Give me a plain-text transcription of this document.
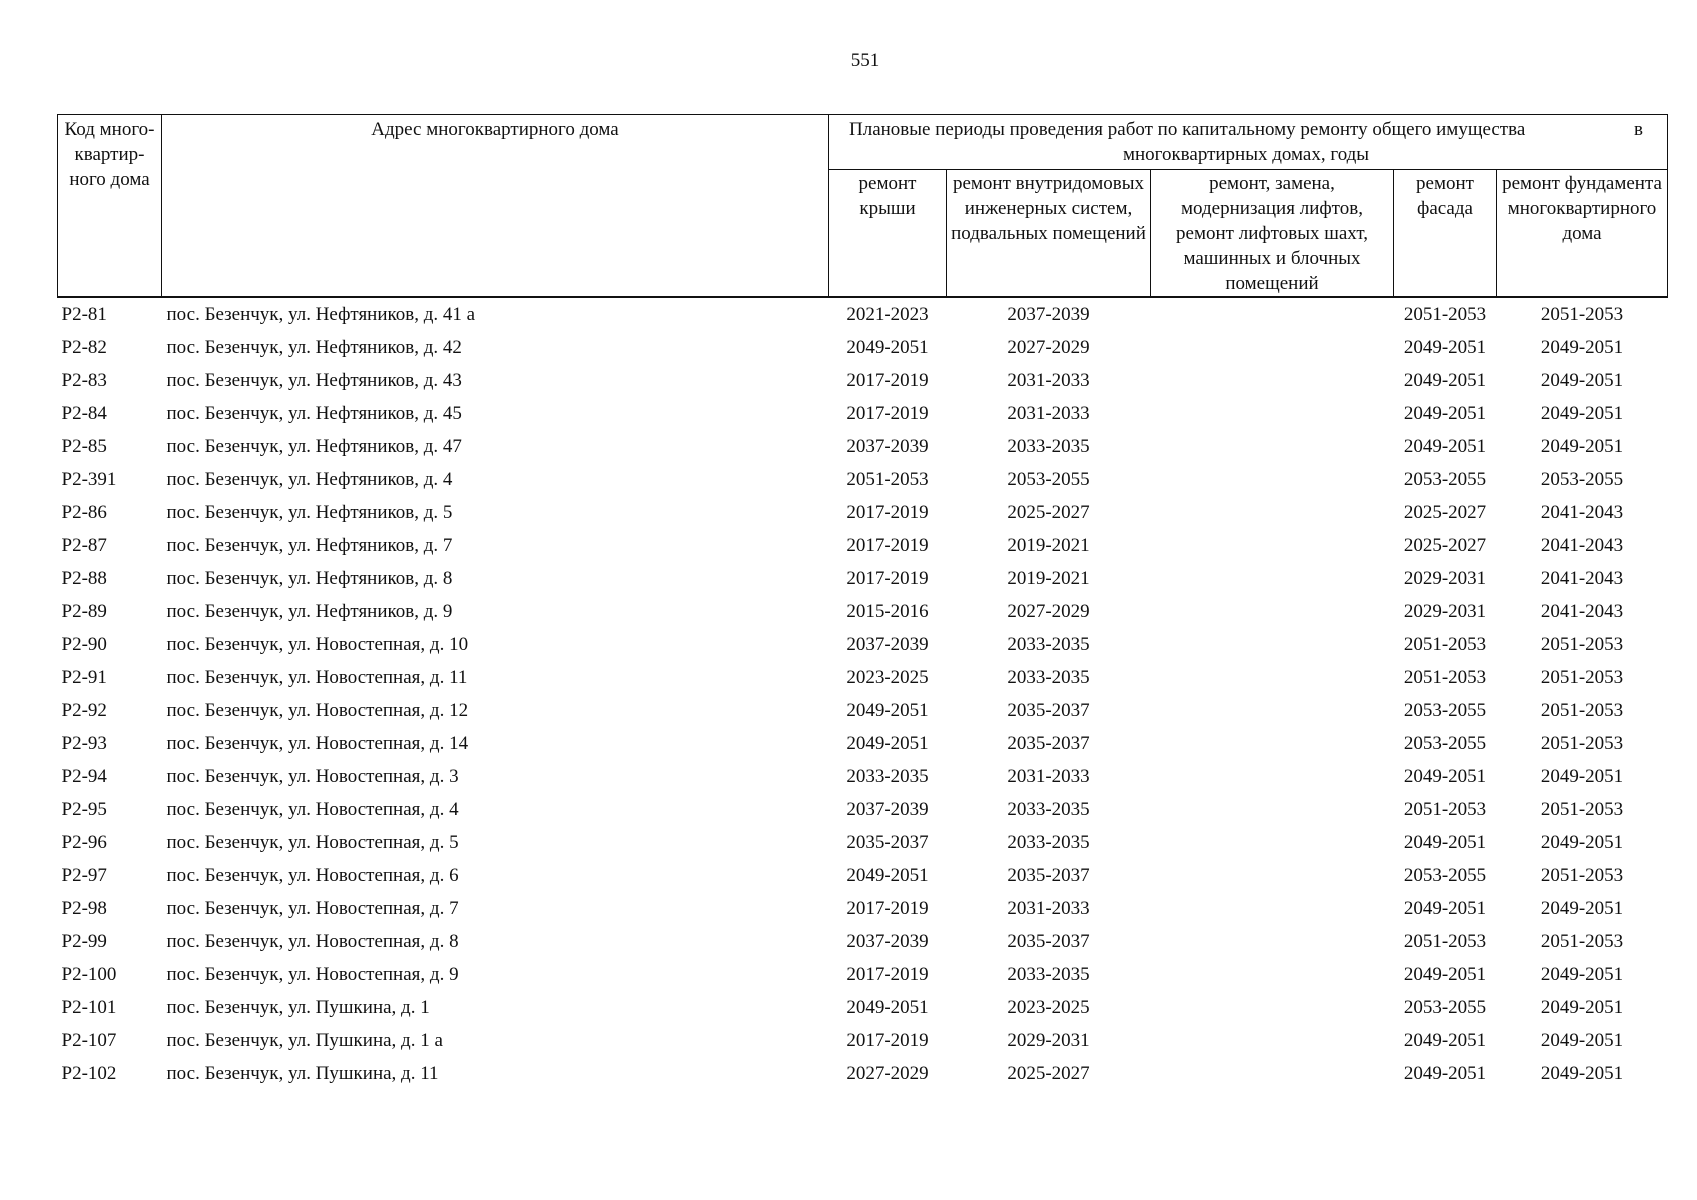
551
Код много-квартир-ного дома	Адрес многоквартирного дома	Плановые периоды проведения работ по капитальному ремонту общего имущества в
многоквартирных домах, годы				

		ремонт крыши	ремонт внутридомовых инженерных систем, подвальных помещений	ремонт, замена, модернизация лифтов, ремонт лифтовых шахт, машинных и блочных помещений	ремонт фасада	ремонт фундамента многоквартирного дома
Р2-81	пос. Безенчук, ул. Нефтяников, д. 41 а	2021-2023	2037-2039		2051-2053	2051-2053
Р2-82	пос. Безенчук, ул. Нефтяников, д. 42	2049-2051	2027-2029		2049-2051	2049-2051
Р2-83	пос. Безенчук, ул. Нефтяников, д. 43	2017-2019	2031-2033		2049-2051	2049-2051
Р2-84	пос. Безенчук, ул. Нефтяников, д. 45	2017-2019	2031-2033		2049-2051	2049-2051
Р2-85	пос. Безенчук, ул. Нефтяников, д. 47	2037-2039	2033-2035		2049-2051	2049-2051
Р2-391	пос. Безенчук, ул. Нефтяников, д. 4	2051-2053	2053-2055		2053-2055	2053-2055
Р2-86	пос. Безенчук, ул. Нефтяников, д. 5	2017-2019	2025-2027		2025-2027	2041-2043
Р2-87	пос. Безенчук, ул. Нефтяников, д. 7	2017-2019	2019-2021		2025-2027	2041-2043
Р2-88	пос. Безенчук, ул. Нефтяников, д. 8	2017-2019	2019-2021		2029-2031	2041-2043
Р2-89	пос. Безенчук, ул. Нефтяников, д. 9	2015-2016	2027-2029		2029-2031	2041-2043
Р2-90	пос. Безенчук, ул. Новостепная, д. 10	2037-2039	2033-2035		2051-2053	2051-2053
Р2-91	пос. Безенчук, ул. Новостепная, д. 11	2023-2025	2033-2035		2051-2053	2051-2053
Р2-92	пос. Безенчук, ул. Новостепная, д. 12	2049-2051	2035-2037		2053-2055	2051-2053
Р2-93	пос. Безенчук, ул. Новостепная, д. 14	2049-2051	2035-2037		2053-2055	2051-2053
Р2-94	пос. Безенчук, ул. Новостепная, д. 3	2033-2035	2031-2033		2049-2051	2049-2051
Р2-95	пос. Безенчук, ул. Новостепная, д. 4	2037-2039	2033-2035		2051-2053	2051-2053
Р2-96	пос. Безенчук, ул. Новостепная, д. 5	2035-2037	2033-2035		2049-2051	2049-2051
Р2-97	пос. Безенчук, ул. Новостепная, д. 6	2049-2051	2035-2037		2053-2055	2051-2053
Р2-98	пос. Безенчук, ул. Новостепная, д. 7	2017-2019	2031-2033		2049-2051	2049-2051
Р2-99	пос. Безенчук, ул. Новостепная, д. 8	2037-2039	2035-2037		2051-2053	2051-2053
Р2-100	пос. Безенчук, ул. Новостепная, д. 9	2017-2019	2033-2035		2049-2051	2049-2051
Р2-101	пос. Безенчук, ул. Пушкина, д. 1	2049-2051	2023-2025		2053-2055	2049-2051
Р2-107	пос. Безенчук, ул. Пушкина, д. 1 а	2017-2019	2029-2031		2049-2051	2049-2051
Р2-102	пос. Безенчук, ул. Пушкина, д. 11	2027-2029	2025-2027		2049-2051	2049-2051
